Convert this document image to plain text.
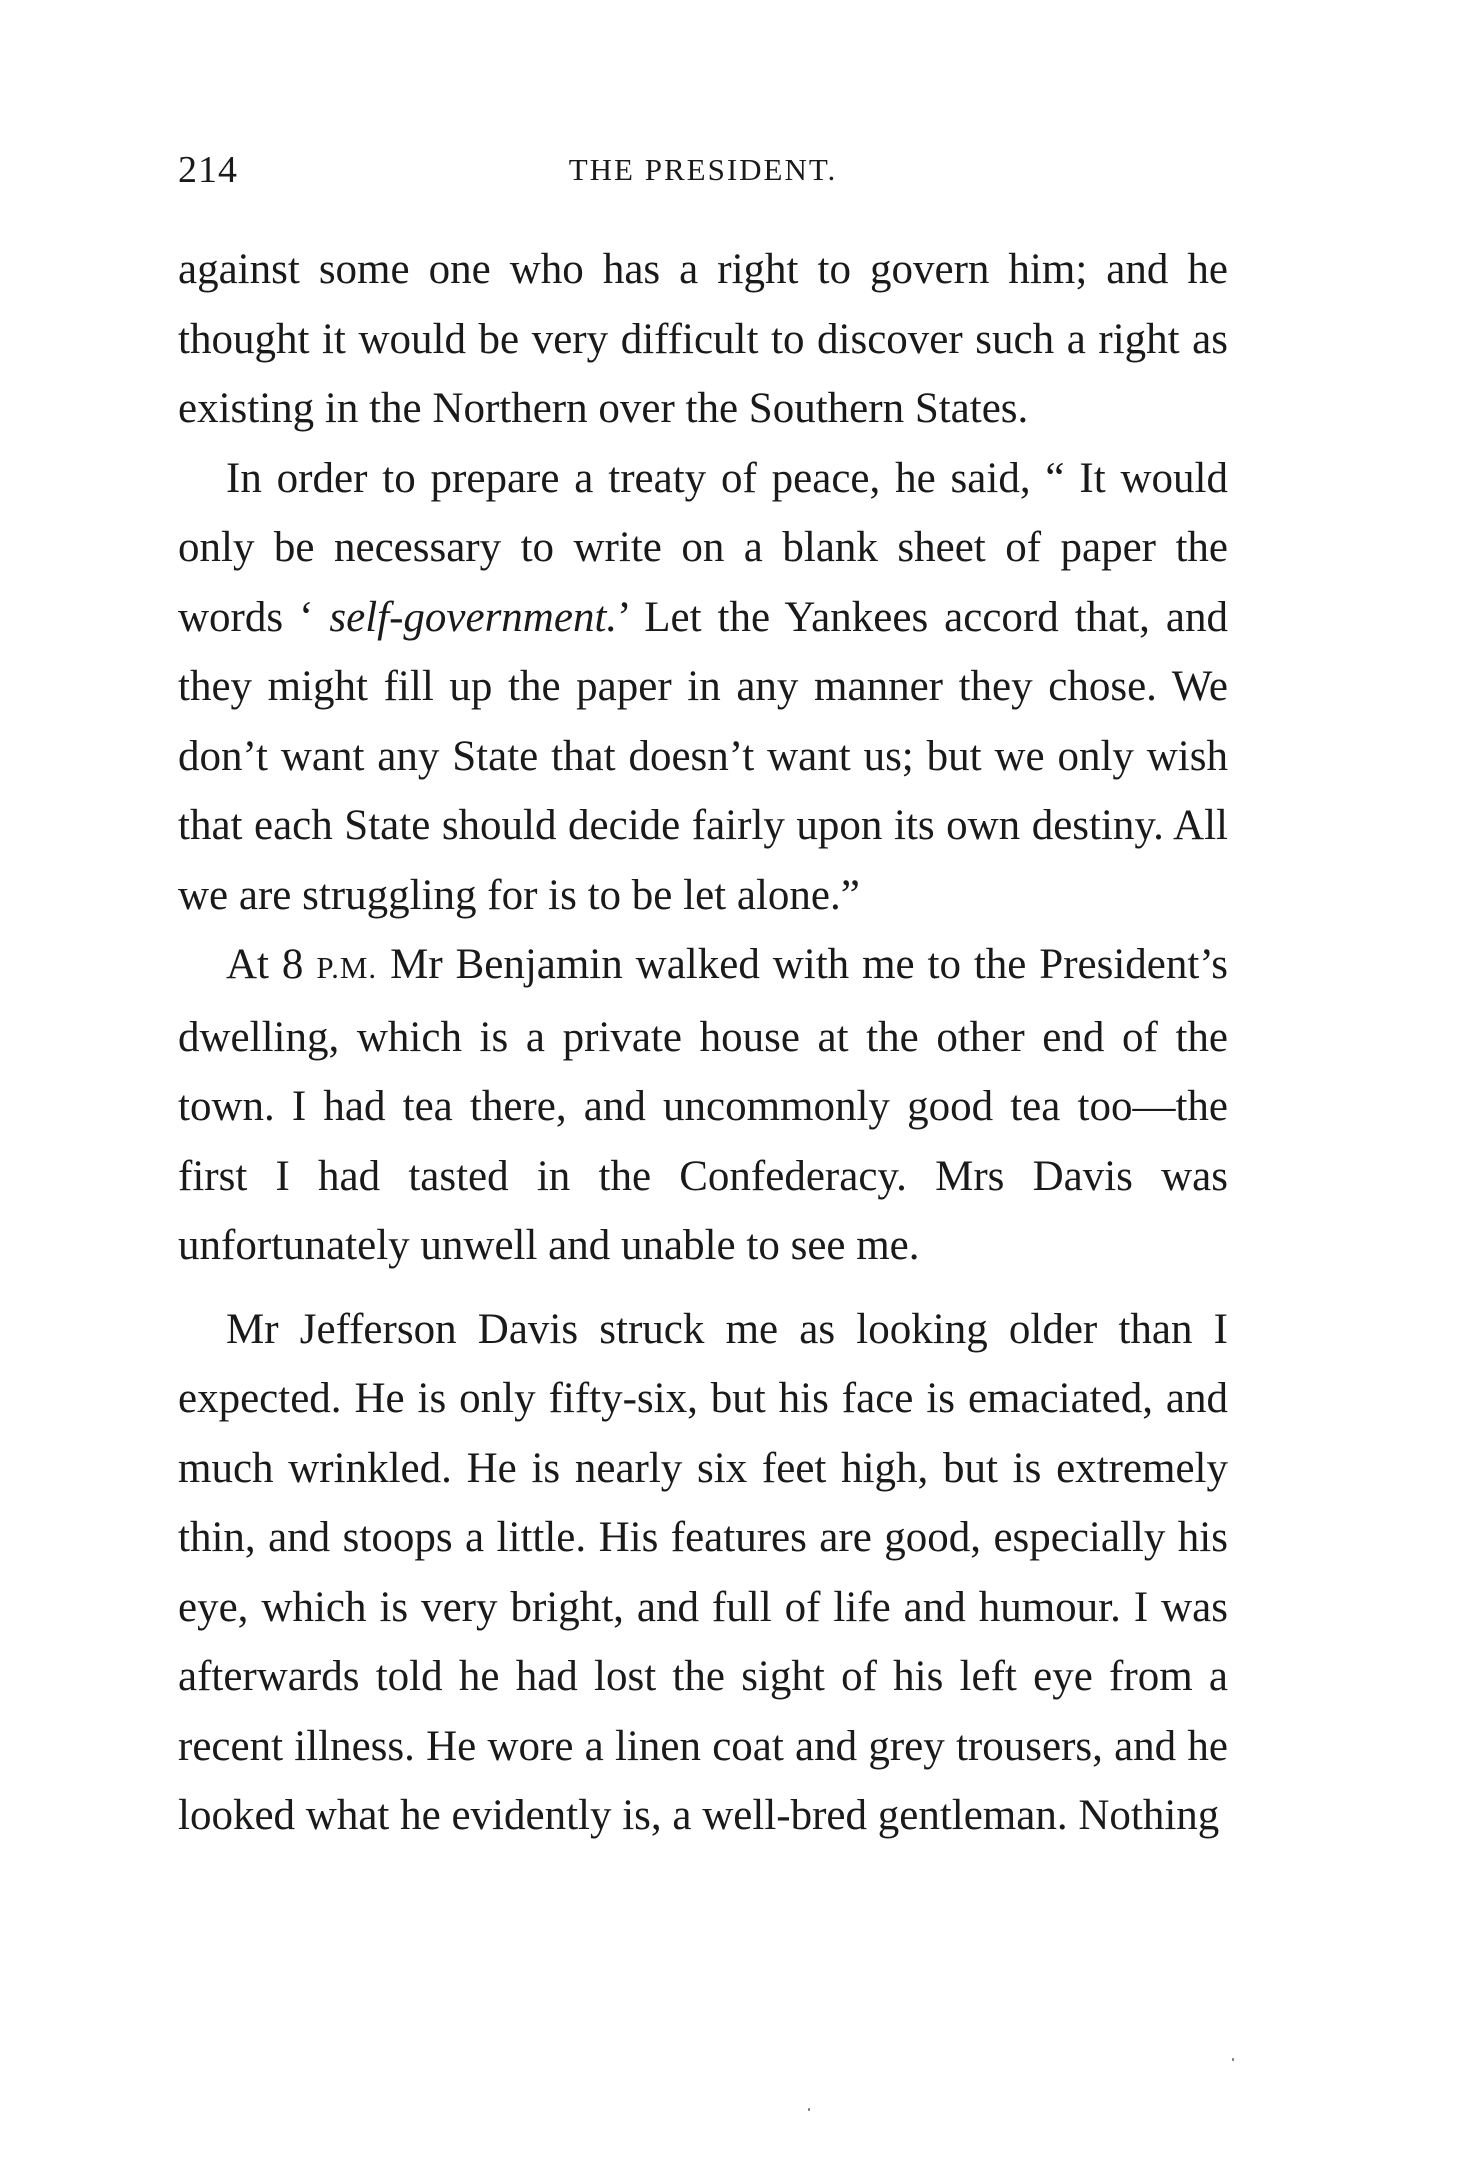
214	THE PRESIDENT.

against some one who has a right to govern him; and he thought it would be very difficult to discover such a right as existing in the Northern over the Southern States.

In order to prepare a treaty of peace, he said, “ It would only be necessary to write on a blank sheet of paper the words ‘ self-government.’ Let the Yankees accord that, and they might fill up the paper in any manner they chose. We don’t want any State that doesn’t want us; but we only wish that each State should decide fairly upon its own destiny. All we are struggling for is to be let alone.”

At 8 P.M. Mr Benjamin walked with me to the President’s dwelling, which is a private house at the other end of the town. I had tea there, and uncommonly good tea too—the first I had tasted in the Confederacy. Mrs Davis was unfortunately unwell and unable to see me.

Mr Jefferson Davis struck me as looking older than I expected. He is only fifty-six, but his face is emaciated, and much wrinkled. He is nearly six feet high, but is extremely thin, and stoops a little. His features are good, especially his eye, which is very bright, and full of life and humour. I was afterwards told he had lost the sight of his left eye from a recent illness. He wore a linen coat and grey trousers, and he looked what he evidently is, a well-bred gentleman. Nothing
